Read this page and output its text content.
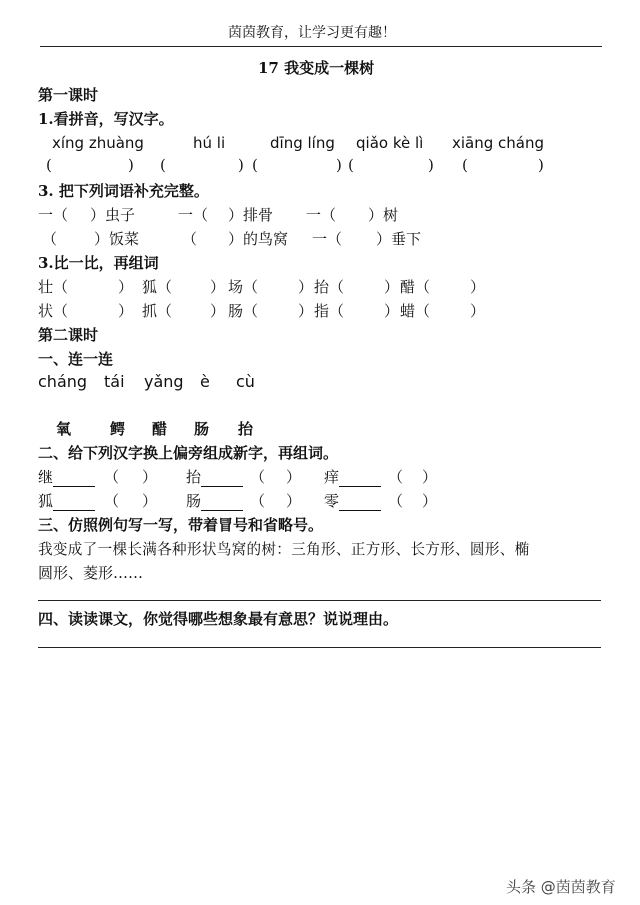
茵茵教育，让学习更有趣！
17 我变成一棵树
第一课时
1.看拼音，写汉字。
xíng zhuàng	hú li	dīng líng qiǎo kè lì xiāng cháng
(	) (	) (	) (	) (	)
3. 把下列词语补充完整。
一（ ）虫子	一（ ）排骨 一（ ）树
（ ）饭菜	（ ）的鸟窝 一（ ）垂下
3.比一比，再组词
壮（	） 狐（	） 场（	） 抬（	） 醋（	）
状（	） 抓（	） 肠（	） 指（	） 蜡（	）
第二课时
一、连一连
cháng tái yǎng è cù
氧	鳄 醋 肠 抬
二、给下列汉字换上偏旁组成新字，再组词。
继	（ ） 抬	（ ） 痒	（ ）
狐	（ ） 肠	（ ） 零	（ ）
三、仿照例句写一写，带着冒号和省略号。
我变成了一棵长满各种形状鸟窝的树：三角形、正方形、长方形、圆形、椭
圆形、菱形……
四、读读课文，你觉得哪些想象最有意思？说说理由。
头条 @茵茵教育
